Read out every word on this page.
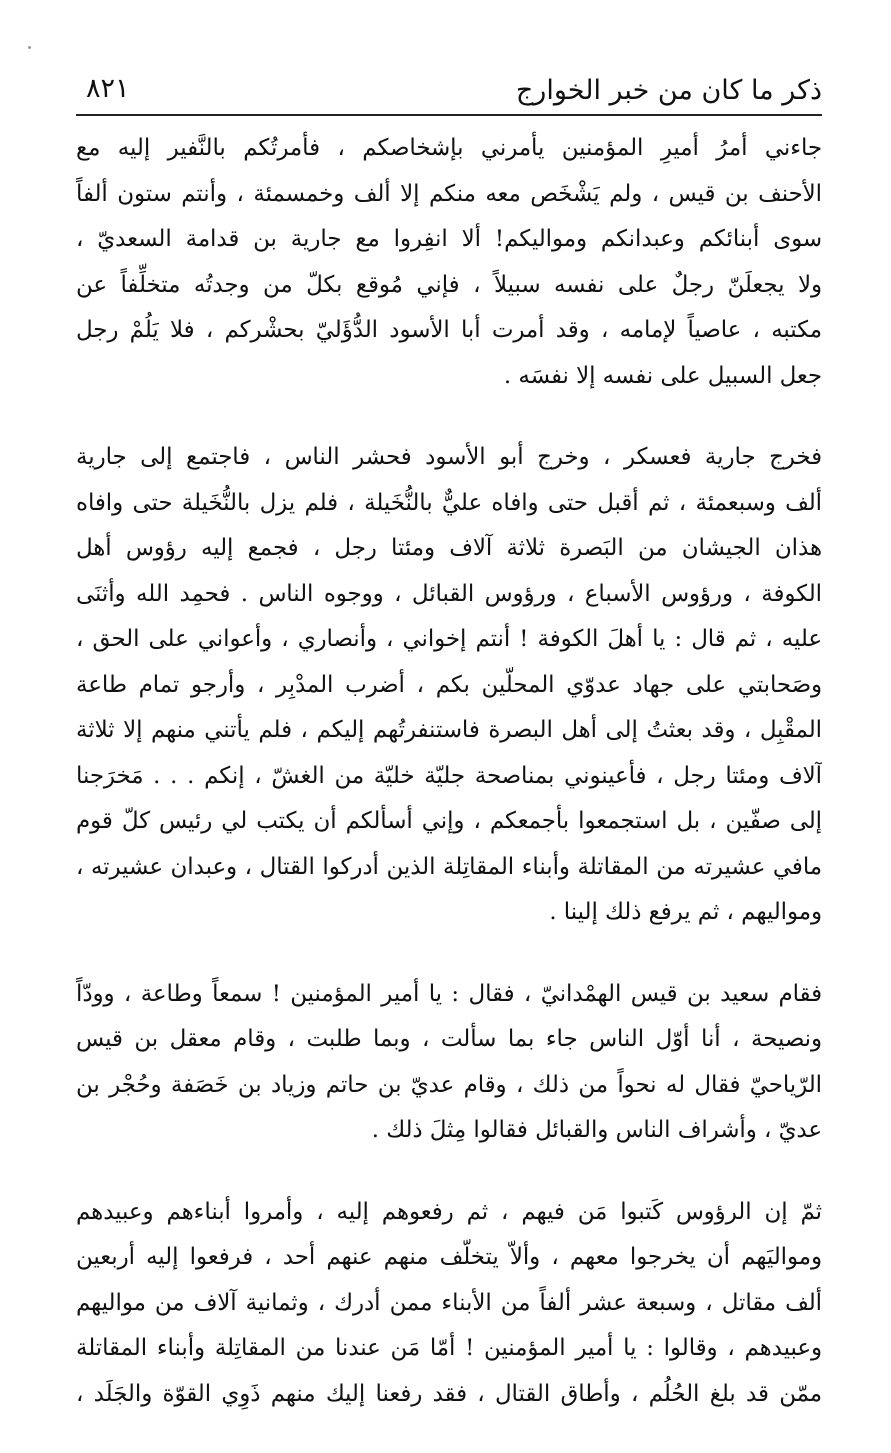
ذكر ما كان من خبر الخوارج
٨٢١
جاءني أمرُ أميرِ المؤمنين يأمرني بإشخاصكم ، فأمرتُكم بالنَّفير إليه مع
الأحنف بن قيس ، ولم يَشْخَص معه منكم إلا ألف وخمسمئة ، وأنتم ستون ألفاً
سوى أبنائكم وعبدانكم ومواليكم! ألا انفِروا مع جارية بن قدامة السعديّ ،
ولا يجعلَنّ رجلٌ على نفسه سبيلاً ، فإني مُوقع بكلّ من وجدتُه متخلِّفاً عن
مكتبه ، عاصياً لإمامه ، وقد أمرت أبا الأسود الدُّؤَليّ بحشْركم ، فلا يَلُمْ رجل
جعل السبيل على نفسه إلا نفسَه .
فخرج جارية فعسكر ، وخرج أبو الأسود فحشر الناس ، فاجتمع إلى جارية
ألف وسبعمئة ، ثم أقبل حتى وافاه عليٌّ بالنُّخَيلة ، فلم يزل بالنُّخَيلة حتى وافاه
هذان الجيشان من البَصرة ثلاثة آلاف ومئتا رجل ، فجمع إليه رؤوس أهل
الكوفة ، ورؤوس الأسباع ، ورؤوس القبائل ، ووجوه الناس . فحمِد الله وأثنَى
عليه ، ثم قال : يا أهلَ الكوفة ! أنتم إخواني ، وأنصاري ، وأعواني على الحق ،
وصَحابتي على جهاد عدوّي المحلّين بكم ، أضرب المدْبِر ، وأرجو تمام طاعة
المقْبِل ، وقد بعثتُ إلى أهل البصرة فاستنفرتُهم إليكم ، فلم يأتني منهم إلا ثلاثة
آلاف ومئتا رجل ، فأعينوني بمناصحة جليّة خليّة من الغشّ ، إنكم . . . مَخرَجنا
إلى صفّين ، بل استجمعوا بأجمعكم ، وإني أسألكم أن يكتب لي رئيس كلّ قوم
مافي عشيرته من المقاتلة وأبناء المقاتِلة الذين أدركوا القتال ، وعبدان عشيرته ،
ومواليهم ، ثم يرفع ذلك إلينا .
فقام سعيد بن قيس الهمْدانيّ ، فقال : يا أمير المؤمنين ! سمعاً وطاعة ، وودّاً
ونصيحة ، أنا أوّل الناس جاء بما سألت ، وبما طلبت ، وقام معقل بن قيس
الرّياحيّ فقال له نحواً من ذلك ، وقام عديّ بن حاتم وزياد بن خَصَفة وحُجْر بن
عديّ ، وأشراف الناس والقبائل فقالوا مِثلَ ذلك .
ثمّ إن الرؤوس كَتبوا مَن فيهم ، ثم رفعوهم إليه ، وأمروا أبناءهم وعبيدهم
ومواليَهم أن يخرجوا معهم ، وألاّ يتخلّف منهم عنهم أحد ، فرفعوا إليه أربعين
ألف مقاتل ، وسبعة عشر ألفاً من الأبناء ممن أدرك ، وثمانية آلاف من مواليهم
وعبيدهم ، وقالوا : يا أمير المؤمنين ! أمّا مَن عندنا من المقاتِلة وأبناء المقاتلة
ممّن قد بلغ الحُلُم ، وأطاق القتال ، فقد رفعنا إليك منهم ذَوِي القوّة والجَلَد ،
